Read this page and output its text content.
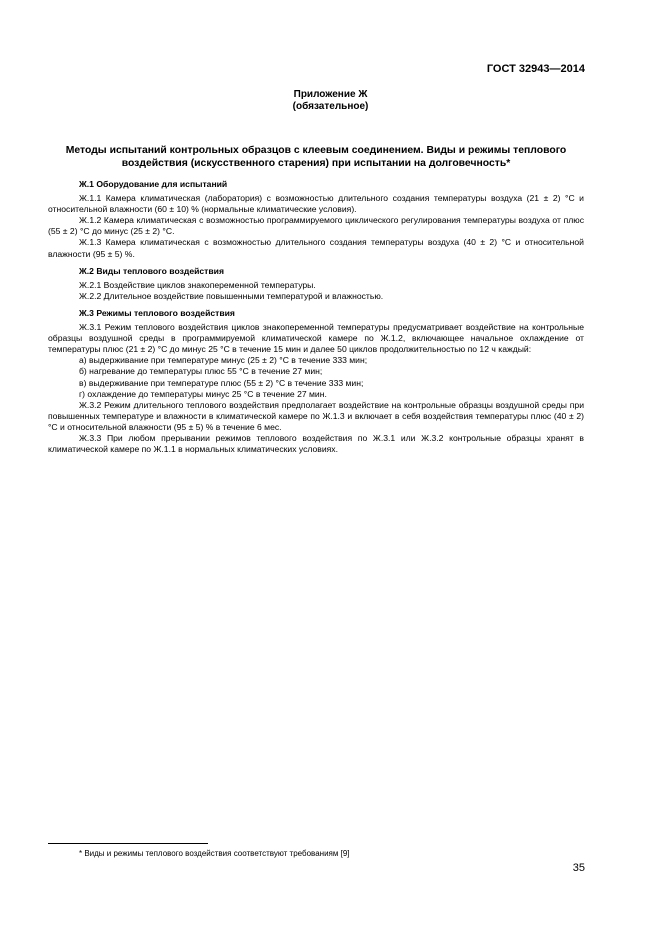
ГОСТ 32943—2014
Приложение Ж
(обязательное)
Методы испытаний контрольных образцов с клеевым соединением. Виды и режимы теплового
воздействия (искусственного старения) при испытании на долговечность*

Ж.1 Оборудование для испытаний

Ж.1.1 Камера климатическая (лаборатория) с возможностью длительного создания температуры воздуха (21 ± 2) °С и относительной влажности (60 ± 10) % (нормальные климатические условия).

Ж.1.2 Камера климатическая с возможностью программируемого циклического регулирования температуры воздуха от плюс (55 ± 2) °С до минус (25 ± 2) °С.

Ж.1.3 Камера климатическая с возможностью длительного создания температуры воздуха (40 ± 2) °С и относительной влажности (95 ± 5) %.

Ж.2 Виды теплового воздействия

Ж.2.1 Воздействие циклов знакопеременной температуры.

Ж.2.2 Длительное воздействие повышенными температурой и влажностью.

Ж.3 Режимы теплового воздействия

Ж.3.1 Режим теплового воздействия циклов знакопеременной температуры предусматривает воздействие на контрольные образцы воздушной среды в программируемой климатической камере по Ж.1.2, включающее начальное охлаждение от температуры плюс (21 ± 2) °С до минус 25 °С в течение 15 мин и далее 50 циклов продолжительностью по 12 ч каждый:

а) выдерживание при температуре минус (25 ± 2) °С в течение 333 мин;

б) нагревание до температуры плюс 55 °С в течение 27 мин;

в) выдерживание при температуре плюс (55 ± 2) °С в течение 333 мин;

г) охлаждение до температуры минус 25 °С в течение 27 мин.

Ж.3.2 Режим длительного теплового воздействия предполагает воздействие на контрольные образцы воздушной среды при повышенных температуре и влажности в климатической камере по Ж.1.3 и включает в себя воздействия температуры плюс (40 ± 2) °С и относительной влажности (95 ± 5) % в течение 6 мес.

Ж.3.3 При любом прерывании режимов теплового воздействия по Ж.3.1 или Ж.3.2 контрольные образцы хранят в климатической камере по Ж.1.1 в нормальных климатических условиях.

* Виды и режимы теплового воздействия соответствуют требованиям [9]
35
